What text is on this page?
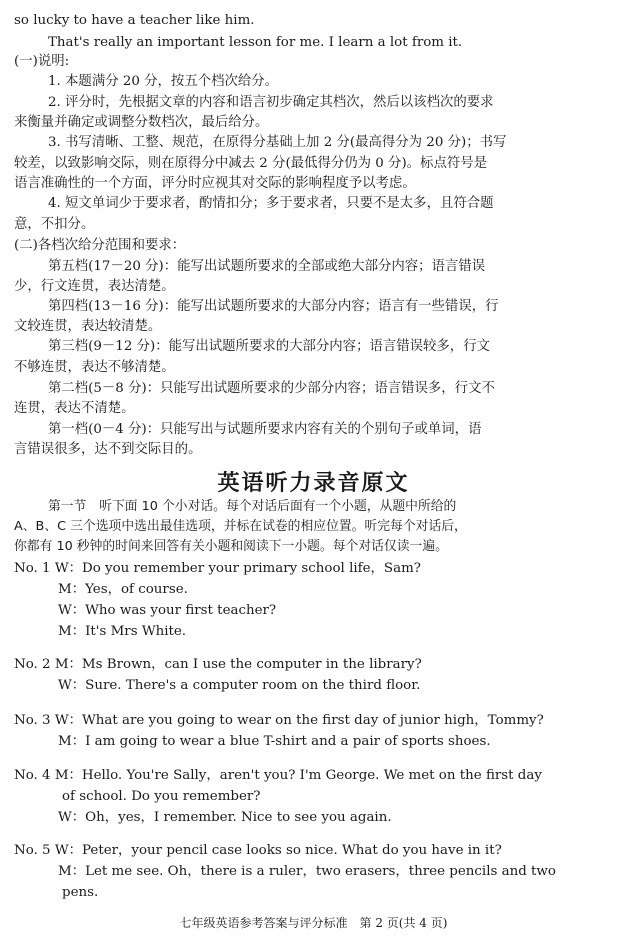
so lucky to have a teacher like him.
That's really an important lesson for me. I learn a lot from it.
(一)说明:
1. 本题满分 20 分，按五个档次给分。
2. 评分时，先根据文章的内容和语言初步确定其档次，然后以该档次的要求
来衡量并确定或调整分数档次，最后给分。
3. 书写清晰、工整、规范，在原得分基础上加 2 分(最高得分为 20 分)；书写
较差，以致影响交际，则在原得分中减去 2 分(最低得分仍为 0 分)。标点符号是
语言准确性的一个方面，评分时应视其对交际的影响程度予以考虑。
4. 短文单词少于要求者，酌情扣分；多于要求者，只要不是太多，且符合题
意，不扣分。
(二)各档次给分范围和要求：
第五档(17－20 分)：能写出试题所要求的全部或绝大部分内容；语言错误
少，行文连贯，表达清楚。
第四档(13－16 分)：能写出试题所要求的大部分内容；语言有一些错误，行
文较连贯，表达较清楚。
第三档(9－12 分)：能写出试题所要求的大部分内容；语言错误较多，行文
不够连贯，表达不够清楚。
第二档(5－8 分)：只能写出试题所要求的少部分内容；语言错误多，行文不
连贯，表达不清楚。
第一档(0－4 分)：只能写出与试题所要求内容有关的个别句子或单词，语
言错误很多，达不到交际目的。
英语听力录音原文
第一节　听下面 10 个小对话。每个对话后面有一个小题，从题中所给的
A、B、C 三个选项中选出最佳选项，并标在试卷的相应位置。听完每个对话后，
你都有 10 秒钟的时间来回答有关小题和阅读下一小题。每个对话仅读一遍。
No. 1 W：Do you remember your primary school life，Sam?
M：Yes，of course.
W：Who was your first teacher?
M：It's Mrs White.
No. 2 M：Ms Brown，can I use the computer in the library?
W：Sure. There's a computer room on the third floor.
No. 3 W：What are you going to wear on the first day of junior high，Tommy?
M：I am going to wear a blue T-shirt and a pair of sports shoes.
No. 4 M：Hello. You're Sally，aren't you? I'm George. We met on the first day
of school. Do you remember?
W：Oh，yes，I remember. Nice to see you again.
No. 5 W：Peter，your pencil case looks so nice. What do you have in it?
M：Let me see. Oh，there is a ruler，two erasers，three pencils and two
pens.
七年级英语参考答案与评分标准　第 2 页(共 4 页)
